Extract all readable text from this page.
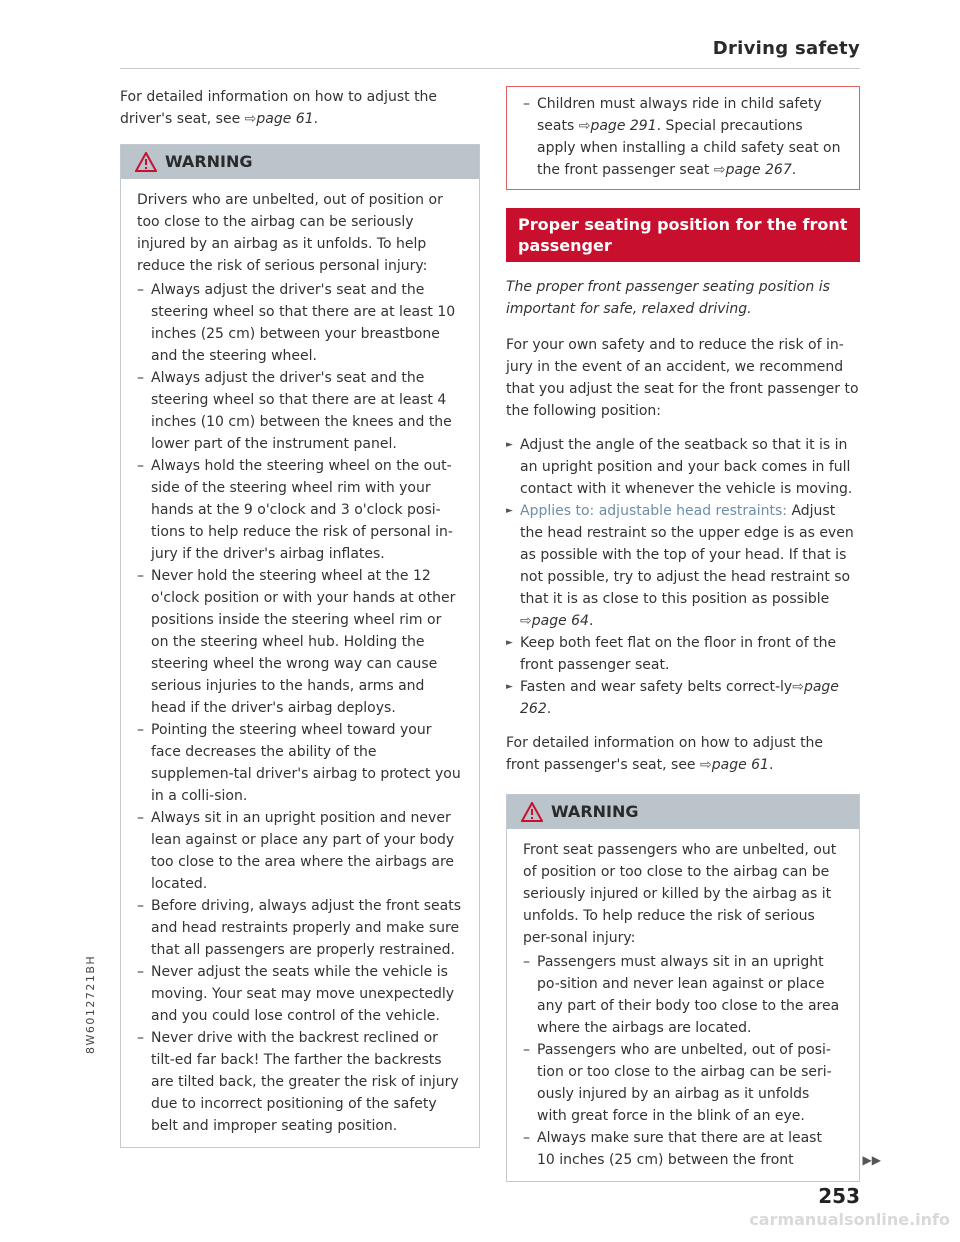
Driving safety
8W6012721BH

For detailed information on how to adjust the driver's seat, see ⇨page 61.

WARNING

Drivers who are unbelted, out of position or too close to the airbag can be seriously injured by an airbag as it unfolds. To help reduce the risk of serious personal injury:

– Always adjust the driver's seat and the steering wheel so that there are at least 10 inches (25 cm) between your breastbone and the steering wheel.
– Always adjust the driver's seat and the steering wheel so that there are at least 4 inches (10 cm) between the knees and the lower part of the instrument panel.
– Always hold the steering wheel on the out-side of the steering wheel rim with your hands at the 9 o'clock and 3 o'clock posi-tions to help reduce the risk of personal in-jury if the driver's airbag inflates.
– Never hold the steering wheel at the 12 o'clock position or with your hands at other positions inside the steering wheel rim or on the steering wheel hub. Holding the steering wheel the wrong way can cause serious injuries to the hands, arms and head if the driver's airbag deploys.
– Pointing the steering wheel toward your face decreases the ability of the supplemen-tal driver's airbag to protect you in a colli-sion.
– Always sit in an upright position and never lean against or place any part of your body too close to the area where the airbags are located.
– Before driving, always adjust the front seats and head restraints properly and make sure that all passengers are properly restrained.
– Never adjust the seats while the vehicle is moving. Your seat may move unexpectedly and you could lose control of the vehicle.
– Never drive with the backrest reclined or tilt-ed far back! The farther the backrests are tilted back, the greater the risk of injury due to incorrect positioning of the safety belt and improper seating position.
– Children must always ride in child safety seats ⇨page 291. Special precautions apply when installing a child safety seat on the front passenger seat ⇨page 267.
Proper seating position for the front passenger

The proper front passenger seating position is important for safe, relaxed driving.

For your own safety and to reduce the risk of in-jury in the event of an accident, we recommend that you adjust the seat for the front passenger to the following position:

► Adjust the angle of the seatback so that it is in an upright position and your back comes in full contact with it whenever the vehicle is moving.
► Applies to: adjustable head restraints: Adjust the head restraint so the upper edge is as even as possible with the top of your head. If that is not possible, try to adjust the head restraint so that it is as close to this position as possible ⇨page 64.
► Keep both feet flat on the floor in front of the front passenger seat.
► Fasten and wear safety belts correct-ly⇨page 262.

For detailed information on how to adjust the front passenger's seat, see ⇨page 61.

WARNING

Front seat passengers who are unbelted, out of position or too close to the airbag can be seriously injured or killed by the airbag as it unfolds. To help reduce the risk of serious per-sonal injury:

– Passengers must always sit in an upright po-sition and never lean against or place any part of their body too close to the area where the airbags are located.
– Passengers who are unbelted, out of posi-tion or too close to the airbag can be seri-ously injured by an airbag as it unfolds with great force in the blink of an eye.
– Always make sure that there are at least 10 inches (25 cm) between the front	▶▶
253
carmanualsonline.info
